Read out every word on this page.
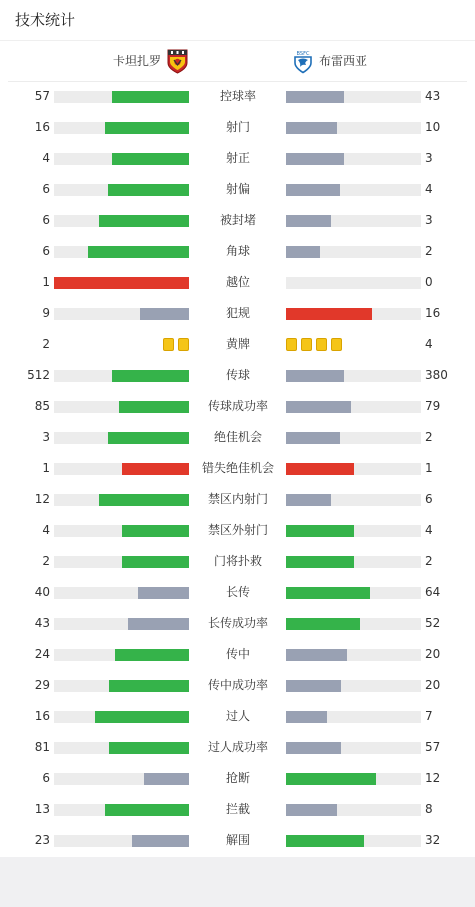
技术统计
卡坦扎罗	BSFC 布雷西亚
57	控球率	43
16	射门	10
4	射正	3
6	射偏	4
6	被封堵	3
6	角球	2
1	越位	0
9	犯规	16
2	黄牌	4
512	传球	380
85	传球成功率	79
3	绝佳机会	2
1	错失绝佳机会	1
12	禁区内射门	6
4	禁区外射门	4
2	门将扑救	2
40	长传	64
43	长传成功率	52
24	传中	20
29	传中成功率	20
16	过人	7
81	过人成功率	57
6	抢断	12
13	拦截	8
23	解围	32
